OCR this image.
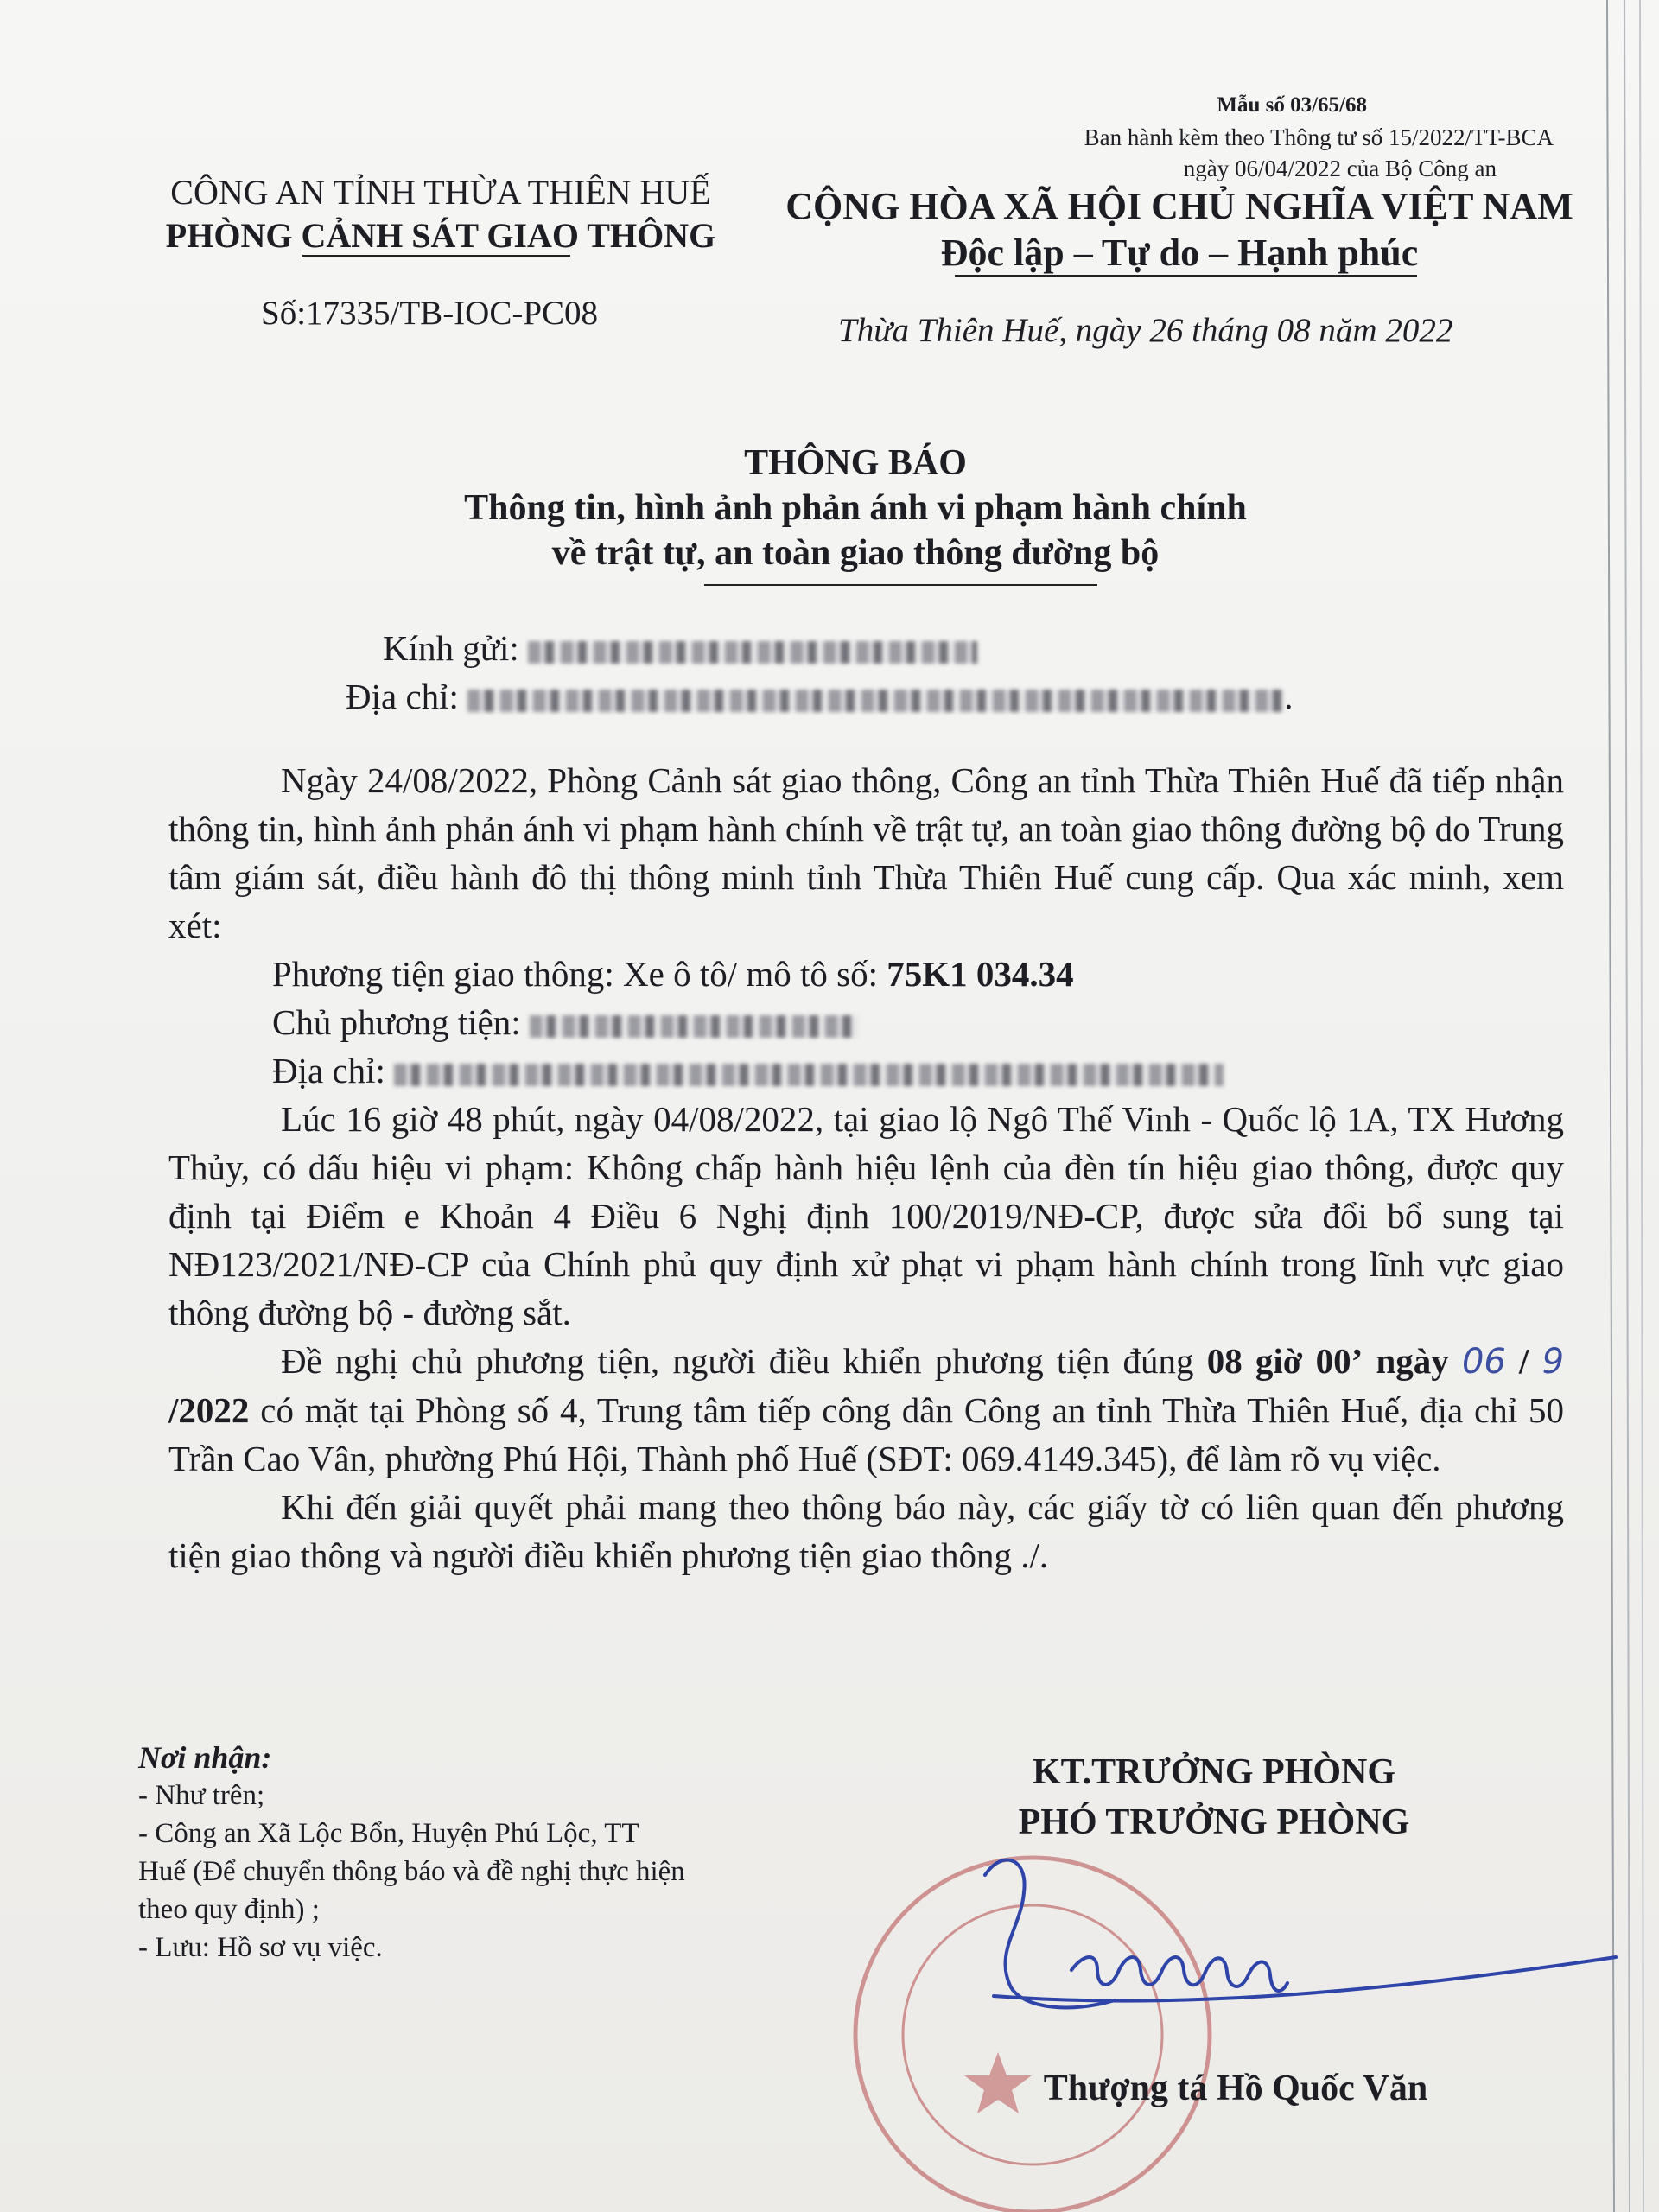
Mẫu số 03/65/68
Ban hành kèm theo Thông tư số 15/2022/TT-BCA
ngày 06/04/2022 của Bộ Công an
CÔNG AN TỈNH THỪA THIÊN HUẾ
PHÒNG CẢNH SÁT GIAO THÔNG
Số:17335/TB-IOC-PC08
CỘNG HÒA XÃ HỘI CHỦ NGHĨA VIỆT NAM
Độc lập – Tự do – Hạnh phúc
Thừa Thiên Huế, ngày 26 tháng 08 năm 2022
THÔNG BÁO
Thông tin, hình ảnh phản ánh vi phạm hành chính
về trật tự, an toàn giao thông đường bộ
Kính gửi:
Địa chỉ:	.

Ngày 24/08/2022, Phòng Cảnh sát giao thông, Công an tỉnh Thừa Thiên Huế đã tiếp nhận thông tin, hình ảnh phản ánh vi phạm hành chính về trật tự, an toàn giao thông đường bộ do Trung tâm giám sát, điều hành đô thị thông minh tỉnh Thừa Thiên Huế cung cấp. Qua xác minh, xem xét:

Phương tiện giao thông: Xe ô tô/ mô tô số: 75K1 034.34
Chủ phương tiện:
Địa chỉ:

Lúc 16 giờ 48 phút, ngày 04/08/2022, tại giao lộ Ngô Thế Vinh - Quốc lộ 1A, TX Hương Thủy, có dấu hiệu vi phạm: Không chấp hành hiệu lệnh của đèn tín hiệu giao thông, được quy định tại Điểm e Khoản 4 Điều 6 Nghị định 100/2019/NĐ-CP, được sửa đổi bổ sung tại NĐ123/2021/NĐ-CP của Chính phủ quy định xử phạt vi phạm hành chính trong lĩnh vực giao thông đường bộ - đường sắt.

Đề nghị chủ phương tiện, người điều khiển phương tiện đúng 08 giờ 00’ ngày 06 / 9 /2022 có mặt tại Phòng số 4, Trung tâm tiếp công dân Công an tỉnh Thừa Thiên Huế, địa chỉ 50 Trần Cao Vân, phường Phú Hội, Thành phố Huế (SĐT: 069.4149.345), để làm rõ vụ việc.

Khi đến giải quyết phải mang theo thông báo này, các giấy tờ có liên quan đến phương tiện giao thông và người điều khiển phương tiện giao thông ./.

Nơi nhận:
- Như trên;
- Công an Xã Lộc Bổn, Huyện Phú Lộc, TT
Huế (Để chuyển thông báo và đề nghị thực hiện
theo quy định) ;
- Lưu: Hồ sơ vụ việc.
KT.TRƯỞNG PHÒNG
PHÓ TRƯỞNG PHÒNG
Thượng tá Hồ Quốc Văn
